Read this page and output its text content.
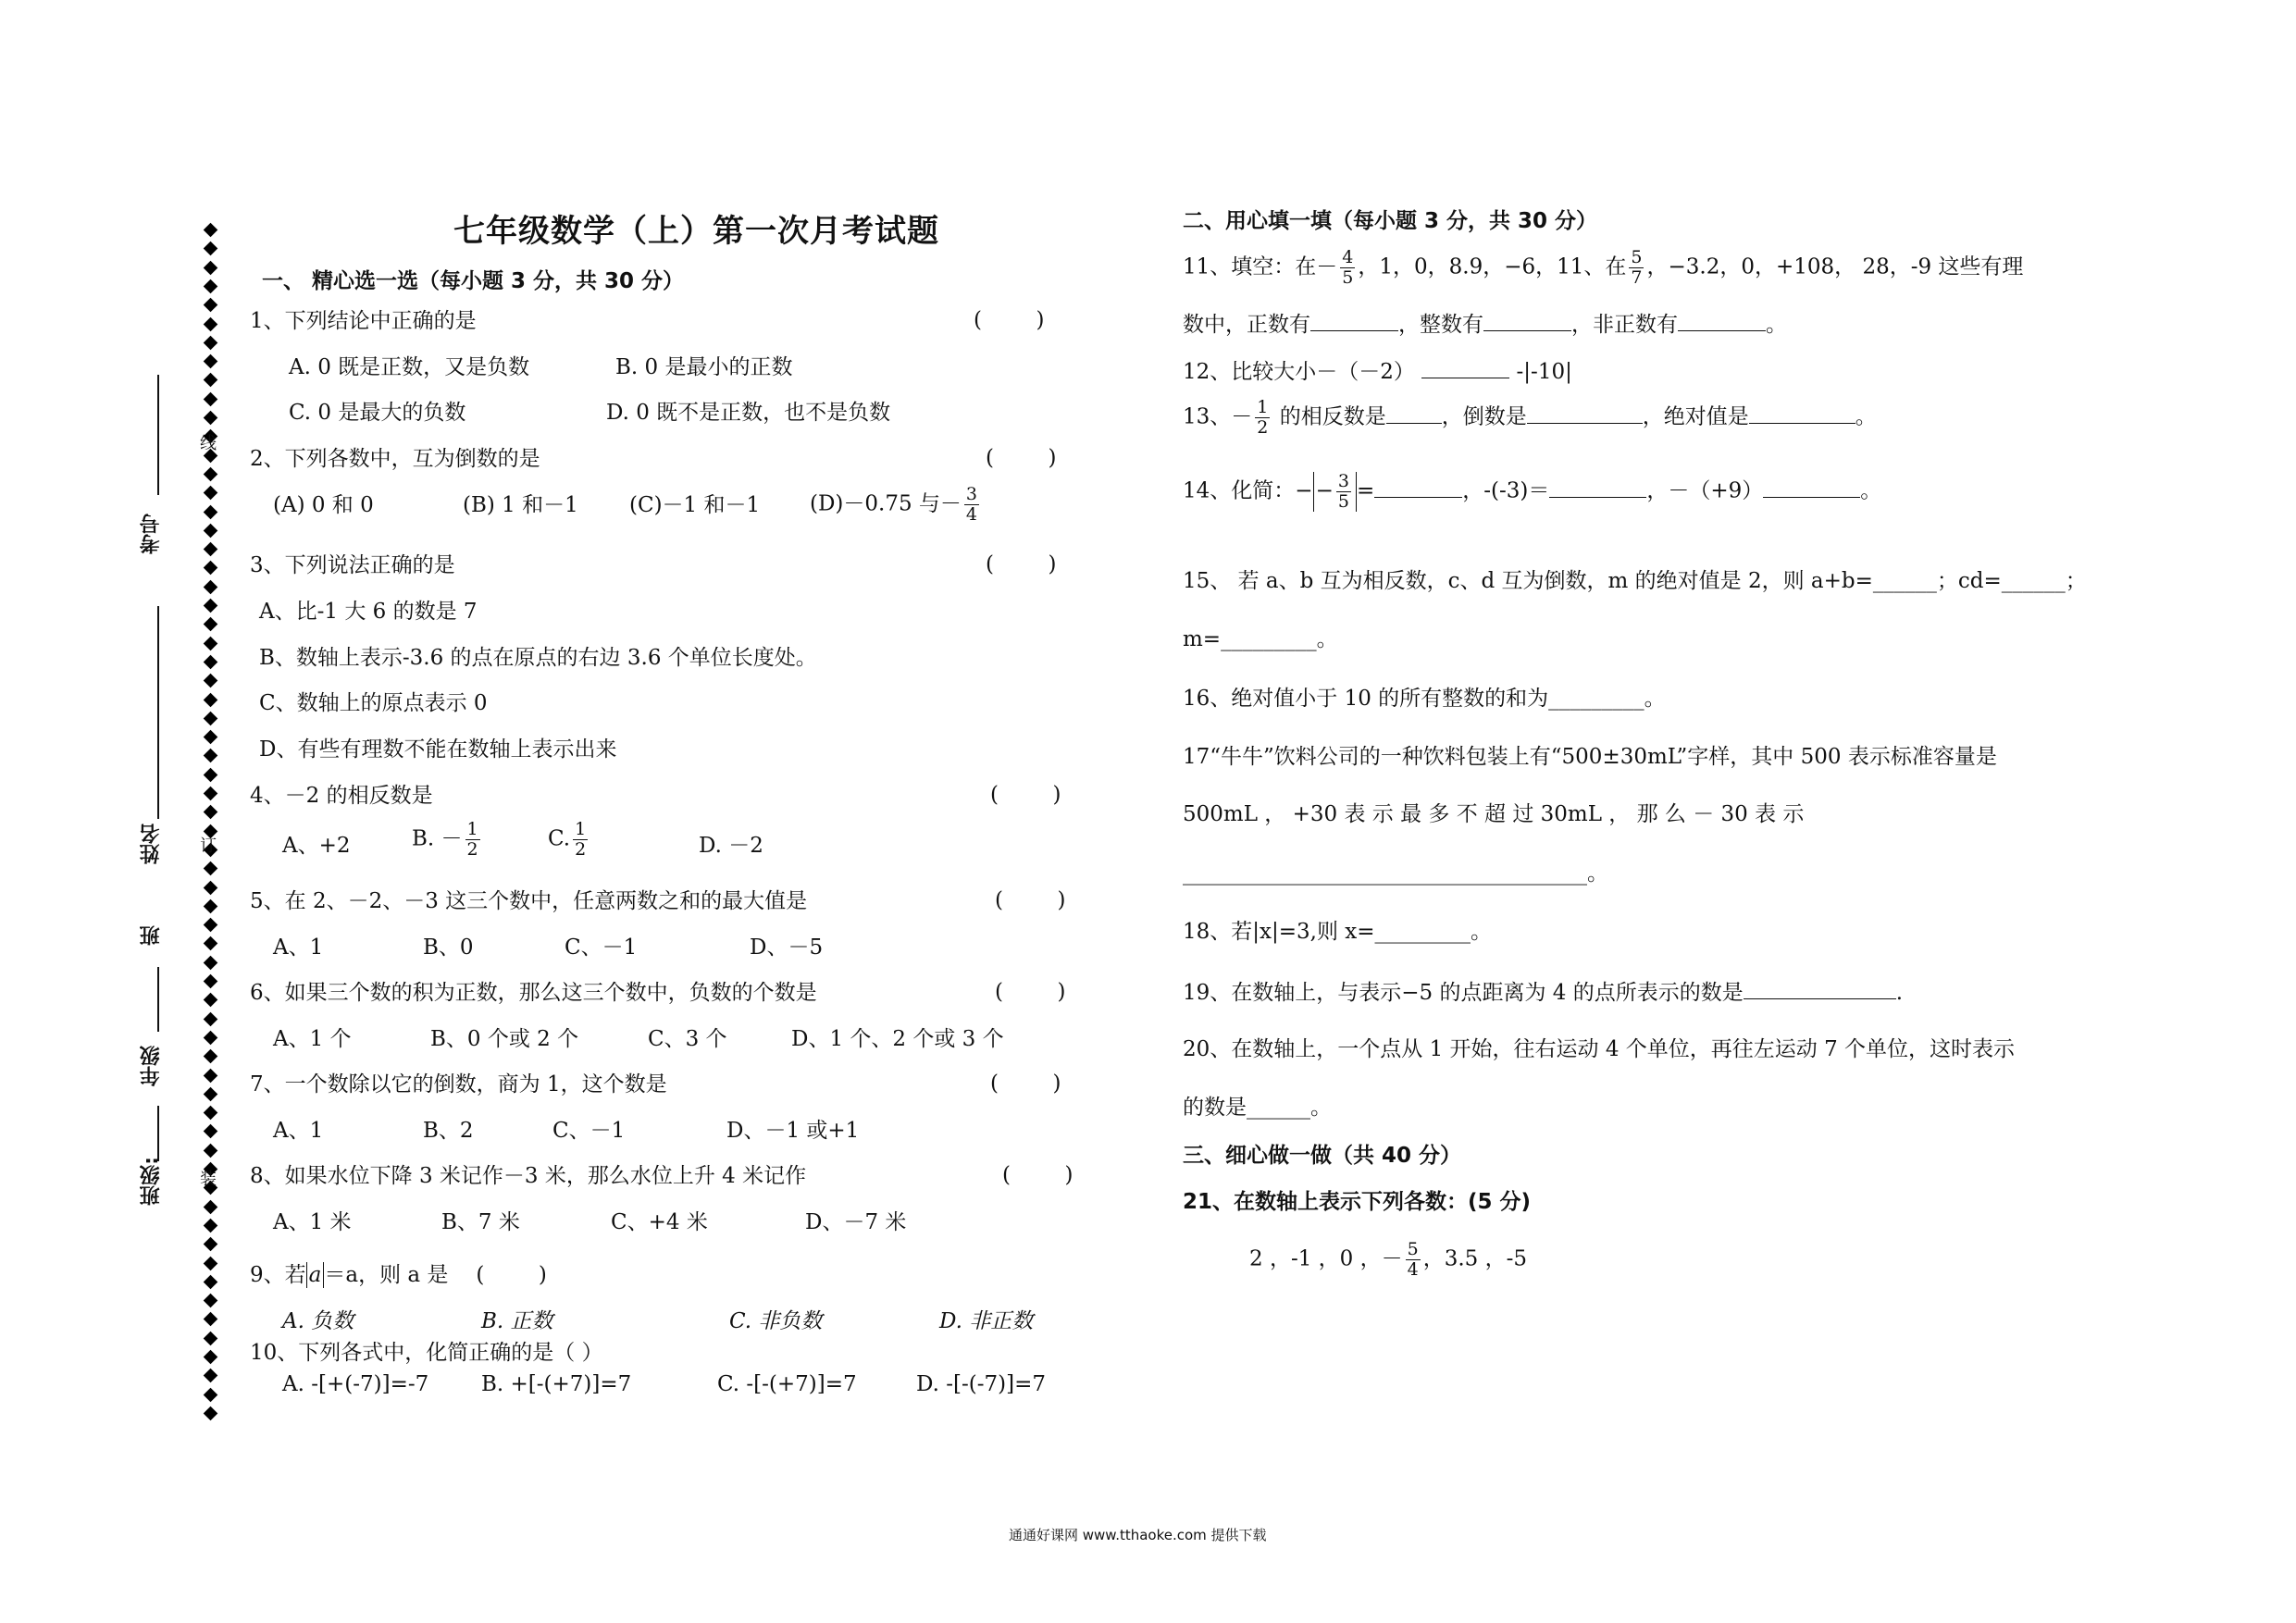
考号
姓名
班
年级
班级:
线
订
装
七年级数学（上）第一次月考试题
一、 精心选一选（每小题 3 分，共 30 分）
1、下列结论中正确的是	(        )
A. 0 既是正数，又是负数	B. 0 是最小的正数
C. 0 是最大的负数	D. 0 既不是正数，也不是负数
2、下列各数中，互为倒数的是	(        )
(A) 0 和 0	(B) 1 和－1 (C)－1 和－1 (D)－0.75 与－ $\frac{3}{4}$
3、下列说法正确的是	(        )
A、比-1 大 6 的数是 7
B、数轴上表示-3.6 的点在原点的右边 3.6 个单位长度处。
C、数轴上的原点表示 0
D、有些有理数不能在数轴上表示出来
4、－2 的相反数是	(        )
A、+2	B. － $\frac{1}{2}$	C. $\frac{1}{2}$	D. －2
5、在 2、－2、－3 这三个数中，任意两数之和的最大值是	(        )
A、1	B、0	C、－1	D、－5
6、如果三个数的积为正数，那么这三个数中，负数的个数是	(        )
A、1 个	B、0 个或 2 个	C、3 个	D、1 个、2 个或 3 个
7、一个数除以它的倒数，商为 1，这个数是	(        )
A、1	B、2	C、－1	D、－1 或+1
8、如果水位下降 3 米记作－3 米，那么水位上升 4 米记作	(        )
A、1 米	B、7 米	C、+4 米	D、－7 米
9、若 a ＝a，则 a 是 (        )
A. 负数	B. 正数	C. 非负数	D. 非正数
10、下列各式中，化简正确的是（ ）
A. -[+(-7)]=-7 B. +[-(+7)]=7	C. -[-(+7)]=7	D. -[-(-7)]=7
二、用心填一填（每小题 3 分，共 30 分）
11、填空：在－ $\frac{4}{5}$ ，1，0，8.9，−6，11、在 $\frac{5}{7}$ ，−3.2，0，+108， 28，-9 这些有理
数中，正数有	，整数有	，非正数有	。
12、比较大小－（－2）	-|-10|
13、－ $\frac{1}{2}$ 的相反数是	，倒数是	，绝对值是	。
14、化简：− − $\frac{3}{5}$ =	，-(-3)＝	，－（+9）	。
15、 若 a、b 互为相反数，c、d 互为倒数，m 的绝对值是 2，则 a+b=______；cd=______；
m=_________。
16、绝对值小于 10 的所有整数的和为_________。
17“牛牛”饮料公司的一种饮料包装上有“500±30mL”字样，其中 500 表示标准容量是
500mL ， +30 表 示 最 多 不 超 过 30mL ， 那 么 － 30 表 示
______________________________________。
18、若|x|=3,则 x=_________。
19、在数轴上，与表示−5 的点距离为 4 的点所表示的数是	.
20、在数轴上，一个点从 1 开始，往右运动 4 个单位，再往左运动 7 个单位，这时表示
的数是______。
三、细心做一做（共 40 分）
21、在数轴上表示下列各数：(5 分)
2 ，-1 ，0 ，－ $\frac{5}{4}$ ，3.5 ，-5
通通好课网 www.tthaoke.com 提供下载
